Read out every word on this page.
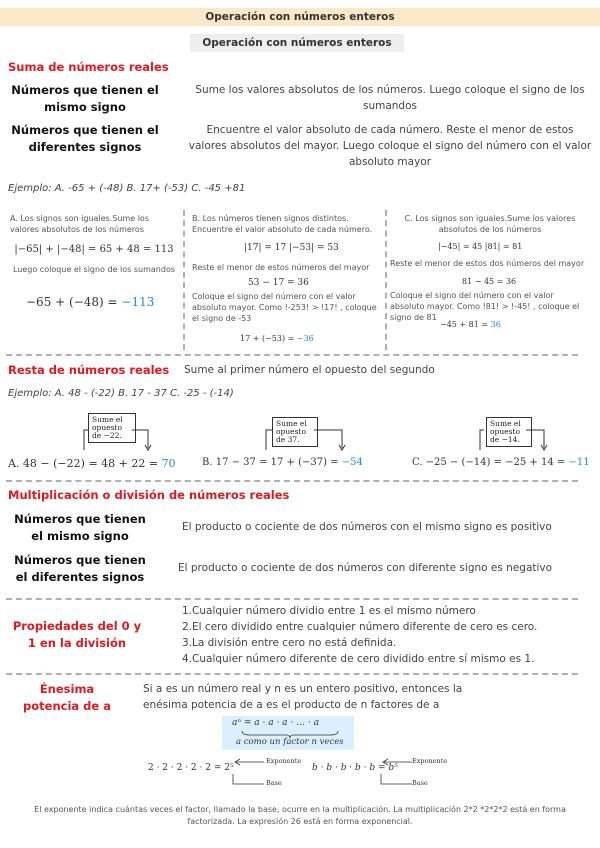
Operación con números enteros
Operación con números enteros
Suma de números reales
Números que tienen el mismo signo
Sume los valores absolutos de los números. Luego coloque el signo de los sumandos
Números que tienen el diferentes signos
Encuentre el valor absoluto de cada número. Reste el menor de estos valores absolutos del mayor. Luego coloque el signo del número con el valor absoluto mayor
Ejemplo: A. -65 + (-48) B. 17+ (-53) C. -45 +81
A. Los signos son iguales.Sume los valores absolutos de los números
|−65| + |−48| = 65 + 48 = 113
Luego coloque el signo de los sumandos
−65 + (−48) = −113
B. Los números tienen signos distintos. Encuentre el valor absoluto de cada número.
|17| = 17 |−53| = 53
Reste el menor de estos números del mayor
53 − 17 = 36
Coloque el signo del número con el valor absoluto mayor. Como !-253! > !17! , coloque el signo de -53
17 + (−53) = −36
C. Los signos son iguales.Sume los valores absolutos de los números
|−45| = 45 |81| = 81
Reste el menor de estos dos números del mayor
81 − 45 = 36
Coloque el signo del número con el valor absoluto mayor. Como !81! > !-45! , coloque el signo de 81
−45 + 81 = 36
Resta de números reales Sume al primer número el opuesto del segundo
Ejemplo: A. 48 - (-22) B. 17 - 37 C. -25 - (-14)
Sume el opuesto de −22.
A. 48 − (−22) = 48 + 22 = 70
Sume el opuesto de 37.
B. 17 − 37 = 17 + (−37) = −54
Sume el opuesto de −14.
C. −25 − (−14) = −25 + 14 = −11
Multiplicación o división de números reales
Números que tienen el mismo signo
El producto o cociente de dos números con el mismo signo es positivo
Números que tienen el diferentes signos
El producto o cociente de dos números con diferente signo es negativo
Propiedades del 0 y 1 en la división
1.Cualquier número dividio entre 1 es el mismo número
2.El cero dividido entre cualquier número diferente de cero es cero.
3.La división entre cero no está definida.
4.Cualquier número diferente de cero dividido entre sí mismo es 1.
Énesima potencia de a
Si a es un número real y n es un entero positivo, entonces la
enésima potencia de a es el producto de n factores de a
aⁿ = a · a · a · … · a
a como un factor n veces
2 · 2 · 2 · 2 · 2 = 2⁵
Exponente
Base
b · b · b · b · b = b⁵
Exponente
Base
El exponente indica cuántas veces el factor, llamado la base, ocurre en la multiplicación. La multiplicación 2*2 *2*2*2 está en forma factorizada. La expresión 26 está en forma exponencial.
